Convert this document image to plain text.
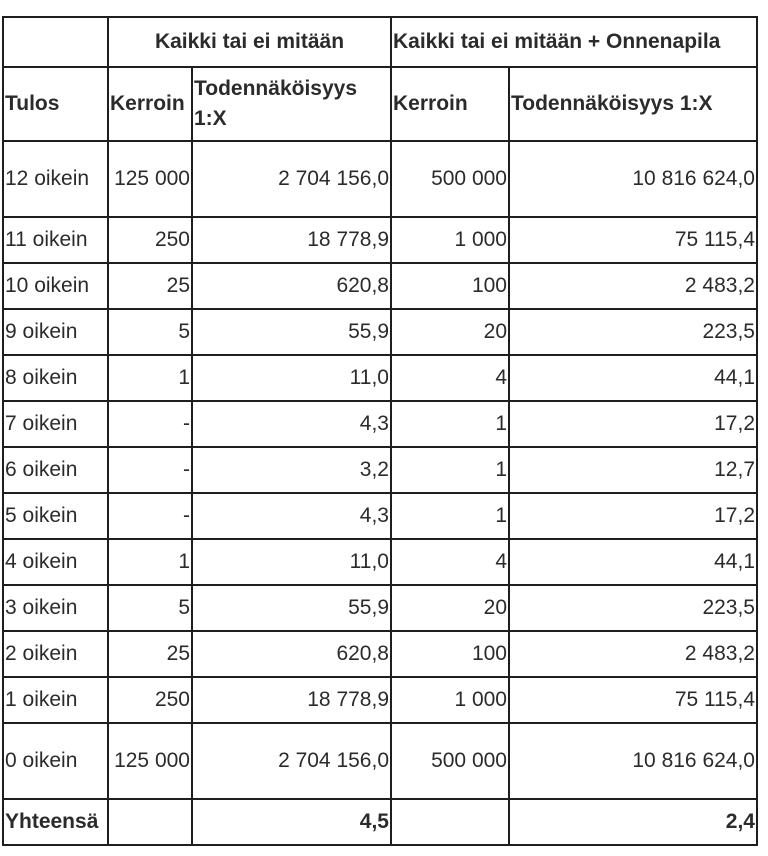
	Kaikki tai ei mitään		Kaikki tai ei mitään + Onnenapila	
Tulos	Kerroin	Todennäköisyys 1:X	Kerroin	Todennäköisyys 1:X
12 oikein	125 000	2 704 156,0	500 000	10 816 624,0
11 oikein	250	18 778,9	1 000	75 115,4
10 oikein	25	620,8	100	2 483,2
9 oikein	5	55,9	20	223,5
8 oikein	1	11,0	4	44,1
7 oikein	-	4,3	1	17,2
6 oikein	-	3,2	1	12,7
5 oikein	-	4,3	1	17,2
4 oikein	1	11,0	4	44,1
3 oikein	5	55,9	20	223,5
2 oikein	25	620,8	100	2 483,2
1 oikein	250	18 778,9	1 000	75 115,4
0 oikein	125 000	2 704 156,0	500 000	10 816 624,0
Yhteensä		4,5		2,4
